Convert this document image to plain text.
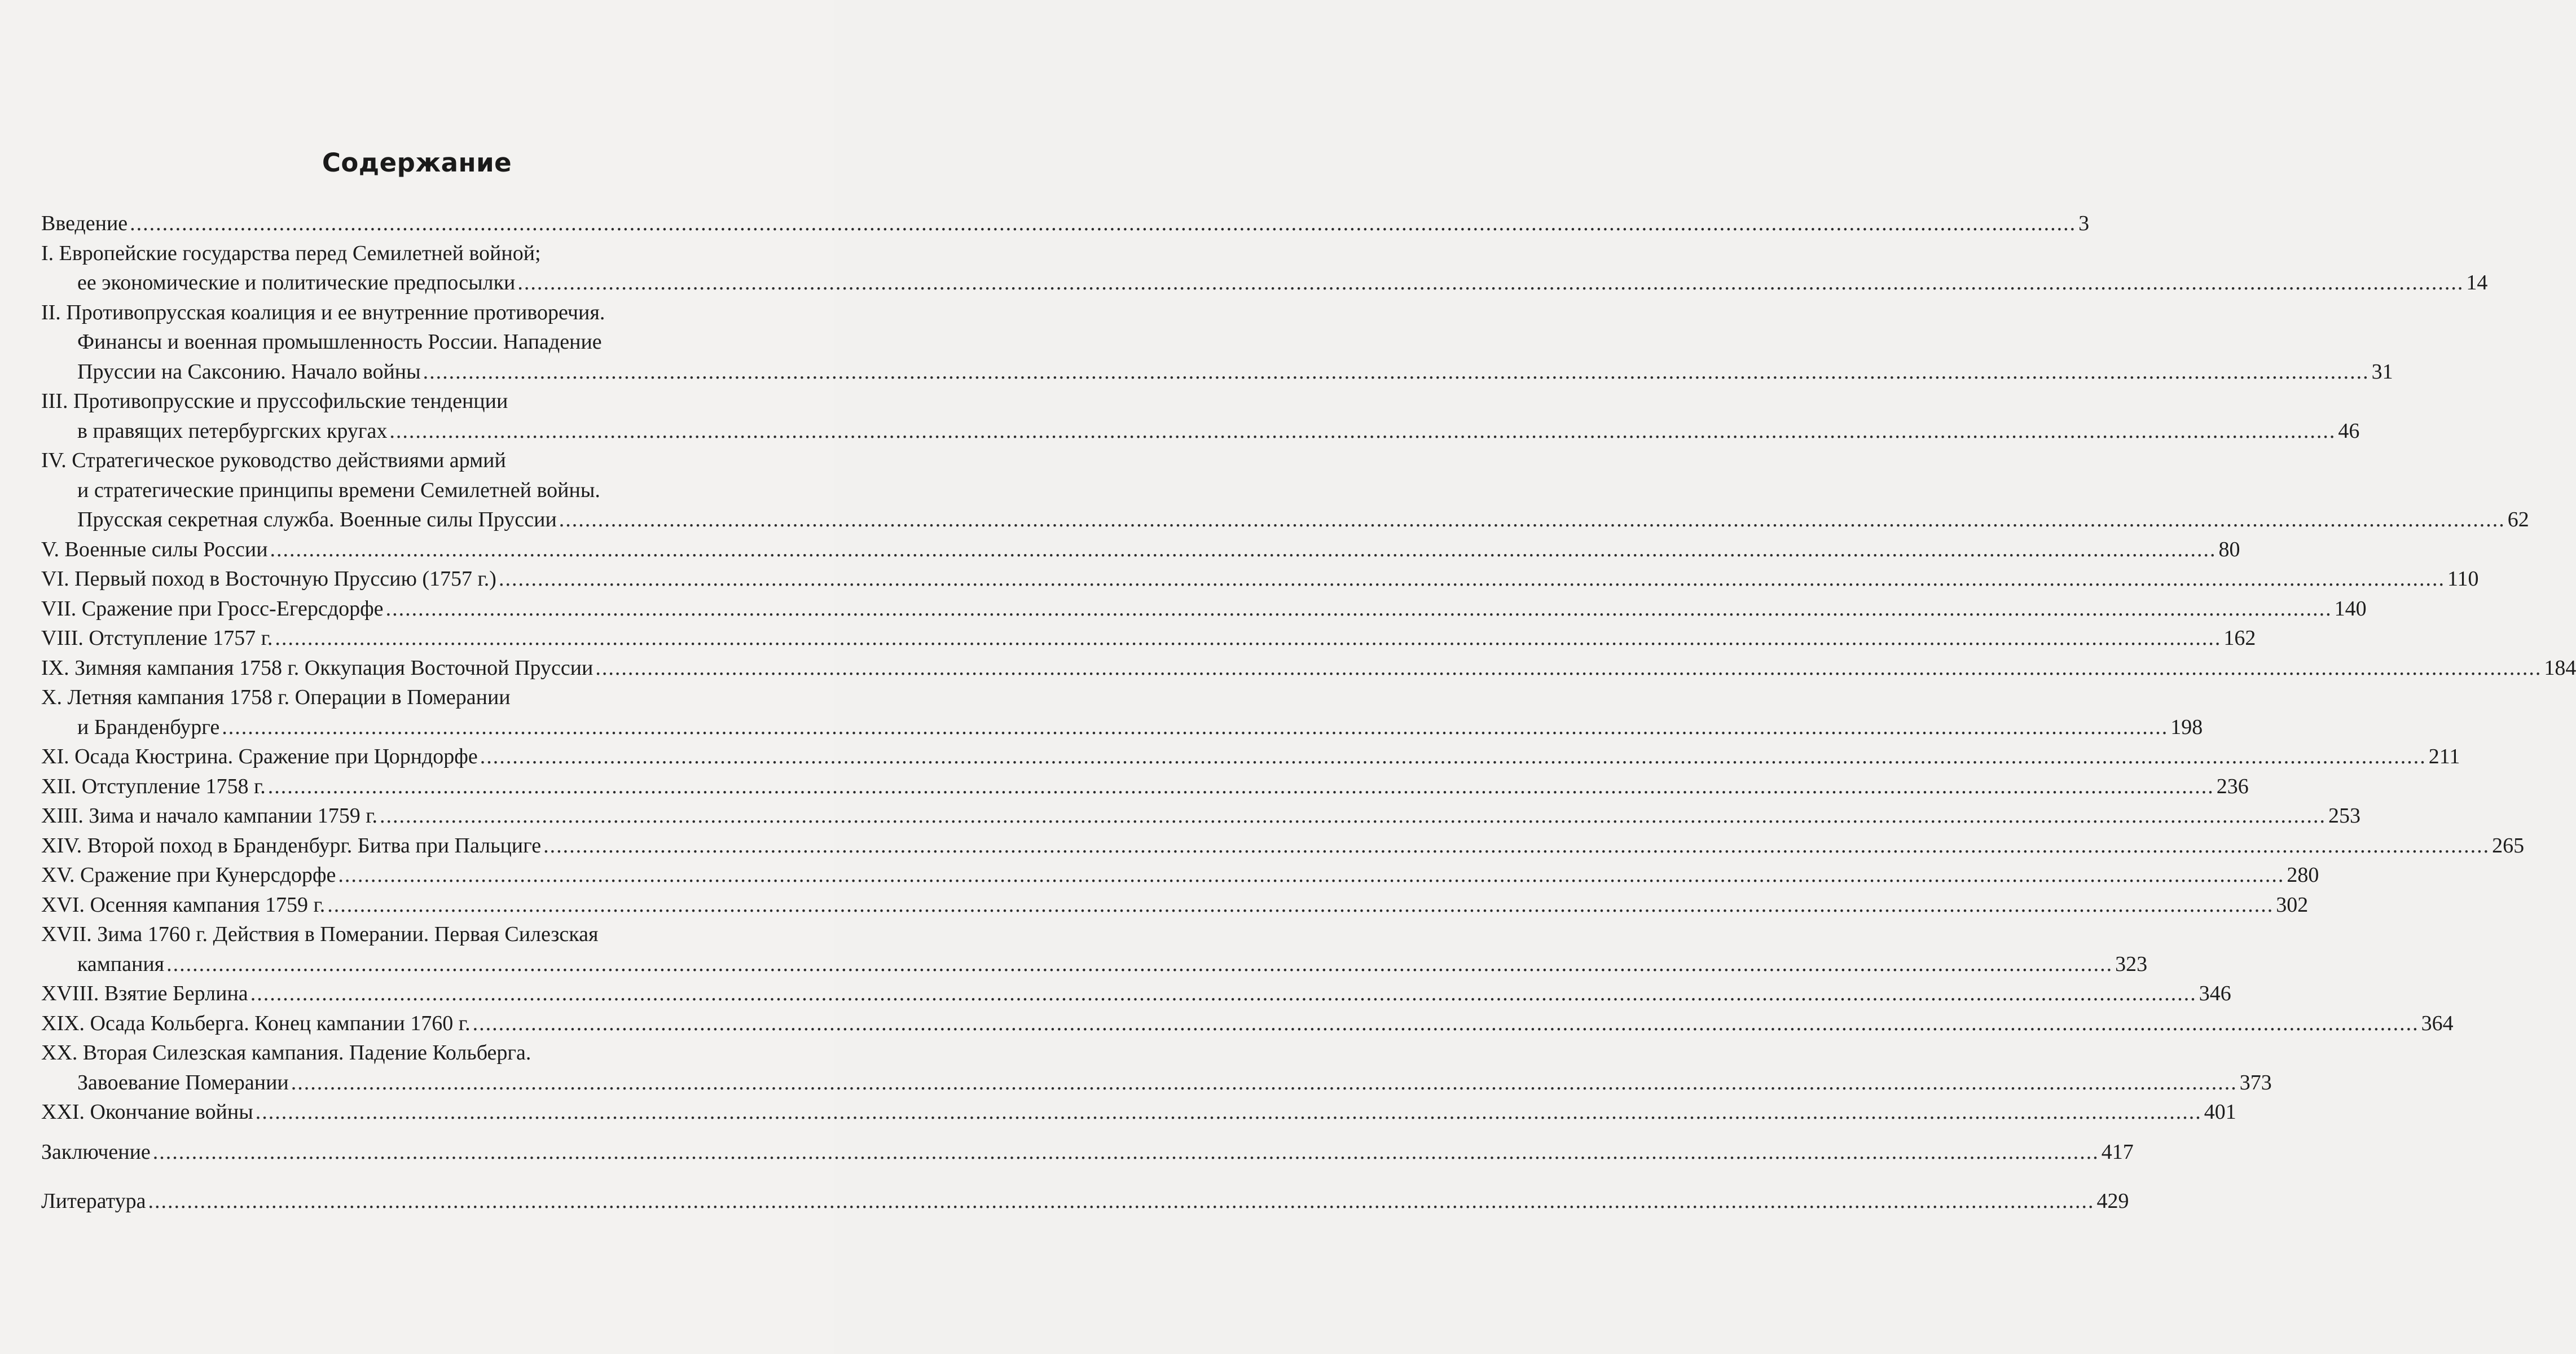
Содержание
Введение ............................................................................................................................................................................................................................................................................................................ 3
I. Европейские государства перед Семилетней войной;
ее экономические и политические предпосылки ............................................................................................................................................................................................................................................................................................................ 14
II. Противопрусская коалиция и ее внутренние противоречия.
Финансы и военная промышленность России. Нападение
Пруссии на Саксонию. Начало войны ............................................................................................................................................................................................................................................................................................................ 31
III. Противопрусские и пруссофильские тенденции
в правящих петербургских кругах ............................................................................................................................................................................................................................................................................................................ 46
IV. Стратегическое руководство действиями армий
и стратегические принципы времени Семилетней войны.
Прусская секретная служба. Военные силы Пруссии ............................................................................................................................................................................................................................................................................................................ 62
V. Военные силы России ............................................................................................................................................................................................................................................................................................................ 80
VI. Первый поход в Восточную Пруссию (1757 г.) ............................................................................................................................................................................................................................................................................................................ 110
VII. Сражение при Гросс-Егерсдорфе ............................................................................................................................................................................................................................................................................................................ 140
VIII. Отступление 1757 г. ............................................................................................................................................................................................................................................................................................................ 162
IX. Зимняя кампания 1758 г. Оккупация Восточной Пруссии ............................................................................................................................................................................................................................................................................................................ 184
X. Летняя кампания 1758 г. Операции в Померании
и Бранденбурге ............................................................................................................................................................................................................................................................................................................ 198
XI. Осада Кюстрина. Сражение при Цорндорфе ............................................................................................................................................................................................................................................................................................................ 211
XII. Отступление 1758 г. ............................................................................................................................................................................................................................................................................................................ 236
XIII. Зима и начало кампании 1759 г. ............................................................................................................................................................................................................................................................................................................ 253
XIV. Второй поход в Бранденбург. Битва при Пальциге ............................................................................................................................................................................................................................................................................................................ 265
XV. Сражение при Кунерсдорфе ............................................................................................................................................................................................................................................................................................................ 280
XVI. Осенняя кампания 1759 г. ............................................................................................................................................................................................................................................................................................................ 302
XVII. Зима 1760 г. Действия в Померании. Первая Силезская
кампания ............................................................................................................................................................................................................................................................................................................ 323
XVIII. Взятие Берлина ............................................................................................................................................................................................................................................................................................................ 346
XIX. Осада Кольберга. Конец кампании 1760 г. ............................................................................................................................................................................................................................................................................................................ 364
XX. Вторая Силезская кампания. Падение Кольберга.
Завоевание Померании ............................................................................................................................................................................................................................................................................................................ 373
XXI. Окончание войны ............................................................................................................................................................................................................................................................................................................ 401
Заключение ............................................................................................................................................................................................................................................................................................................ 417
Литература ............................................................................................................................................................................................................................................................................................................ 429
